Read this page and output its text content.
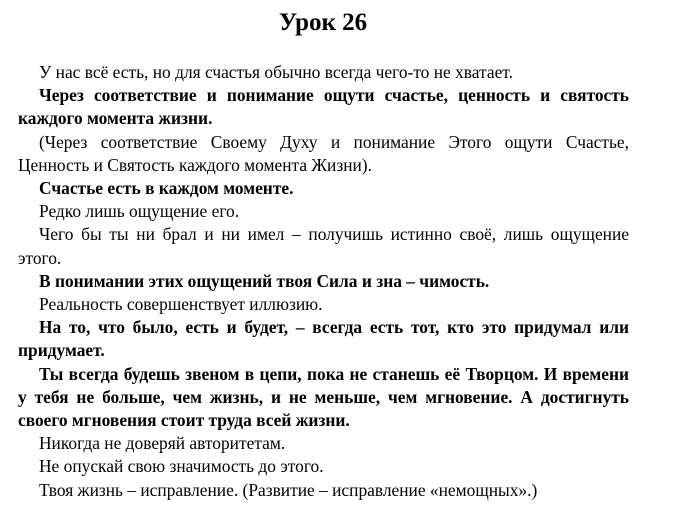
Урок 26

У нас всё есть, но для счастья обычно всегда чего-то не хватает.

Через соответствие и понимание ощути счастье, ценность и святость каждого момента жизни.

(Через соответствие Своему Духу и понимание Этого ощути Счастье, Ценность и Святость каждого момента Жизни).

Счастье есть в каждом моменте.

Редко лишь ощущение его.

Чего бы ты ни брал и ни имел – получишь истинно своё, лишь ощущение этого.

В понимании этих ощущений твоя Сила и зна – чимость.

Реальность совершенствует иллюзию.

На то, что было, есть и будет, – всегда есть тот, кто это придумал или придумает.

Ты всегда будешь звеном в цепи, пока не станешь её Творцом. И времени у тебя не больше, чем жизнь, и не меньше, чем мгновение. А достигнуть своего мгновения стоит труда всей жизни.

Никогда не доверяй авторитетам.

Не опускай свою значимость до этого.

Твоя жизнь – исправление. (Развитие – исправление «немощных».)
